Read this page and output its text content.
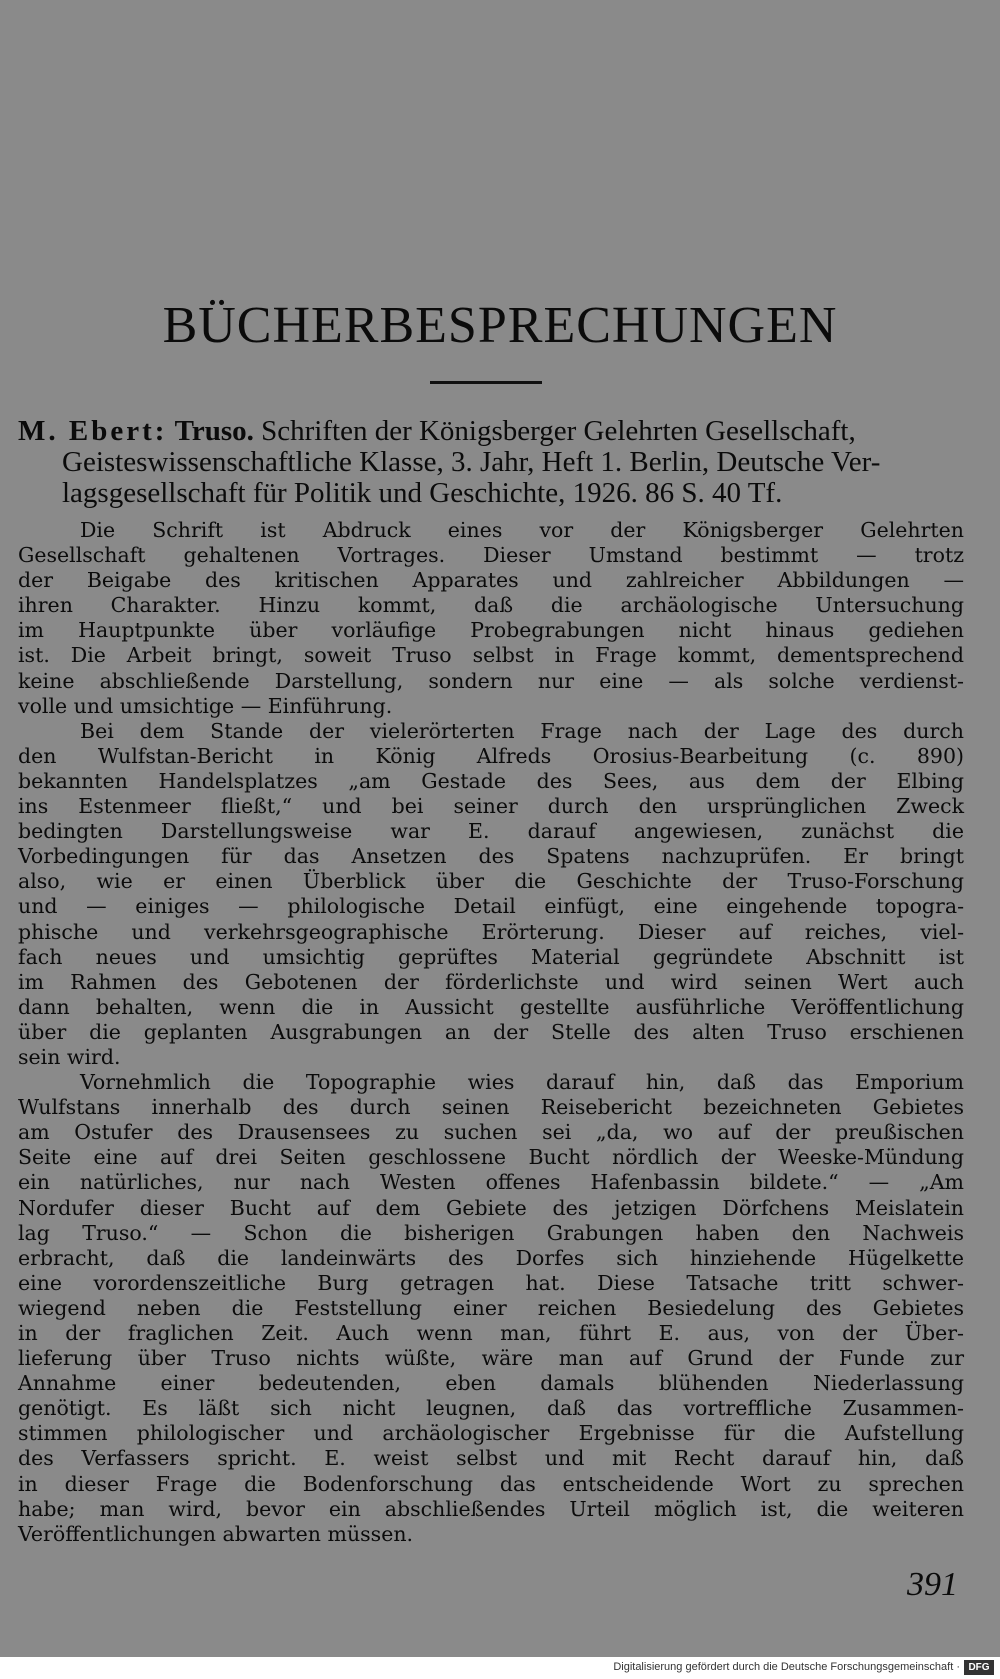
BÜCHERBESPRECHUNGEN
M. Ebert: Truso. Schriften der Königsberger Gelehrten Gesellschaft,
Geisteswissenschaftliche Klasse, 3. Jahr, Heft 1. Berlin, Deutsche Ver-
lagsgesellschaft für Politik und Geschichte, 1926. 86 S. 40 Tf.
Die Schrift ist Abdruck eines vor der Königsberger Gelehrten
Gesellschaft gehaltenen Vortrages. Dieser Umstand bestimmt — trotz
der Beigabe des kritischen Apparates und zahlreicher Abbildungen —
ihren Charakter. Hinzu kommt, daß die archäologische Untersuchung
im Hauptpunkte über vorläufige Probegrabungen nicht hinaus gediehen
ist. Die Arbeit bringt, soweit Truso selbst in Frage kommt, dementsprechend
keine abschließende Darstellung, sondern nur eine — als solche verdienst-
volle und umsichtige — Einführung.
Bei dem Stande der vielerörterten Frage nach der Lage des durch
den Wulfstan-Bericht in König Alfreds Orosius-Bearbeitung (c. 890)
bekannten Handelsplatzes „am Gestade des Sees, aus dem der Elbing
ins Estenmeer fließt,“ und bei seiner durch den ursprünglichen Zweck
bedingten Darstellungsweise war E. darauf angewiesen, zunächst die
Vorbedingungen für das Ansetzen des Spatens nachzuprüfen. Er bringt
also, wie er einen Überblick über die Geschichte der Truso-Forschung
und — einiges — philologische Detail einfügt, eine eingehende topogra-
phische und verkehrsgeographische Erörterung. Dieser auf reiches, viel-
fach neues und umsichtig geprüftes Material gegründete Abschnitt ist
im Rahmen des Gebotenen der förderlichste und wird seinen Wert auch
dann behalten, wenn die in Aussicht gestellte ausführliche Veröffentlichung
über die geplanten Ausgrabungen an der Stelle des alten Truso erschienen
sein wird.
Vornehmlich die Topographie wies darauf hin, daß das Emporium
Wulfstans innerhalb des durch seinen Reisebericht bezeichneten Gebietes
am Ostufer des Drausensees zu suchen sei „da, wo auf der preußischen
Seite eine auf drei Seiten geschlossene Bucht nördlich der Weeske-Mündung
ein natürliches, nur nach Westen offenes Hafenbassin bildete.“ — „Am
Nordufer dieser Bucht auf dem Gebiete des jetzigen Dörfchens Meislatein
lag Truso.“ — Schon die bisherigen Grabungen haben den Nachweis
erbracht, daß die landeinwärts des Dorfes sich hinziehende Hügelkette
eine vorordenszeitliche Burg getragen hat. Diese Tatsache tritt schwer-
wiegend neben die Feststellung einer reichen Besiedelung des Gebietes
in der fraglichen Zeit. Auch wenn man, führt E. aus, von der Über-
lieferung über Truso nichts wüßte, wäre man auf Grund der Funde zur
Annahme einer bedeutenden, eben damals blühenden Niederlassung
genötigt. Es läßt sich nicht leugnen, daß das vortreffliche Zusammen-
stimmen philologischer und archäologischer Ergebnisse für die Aufstellung
des Verfassers spricht. E. weist selbst und mit Recht darauf hin, daß
in dieser Frage die Bodenforschung das entscheidende Wort zu sprechen
habe; man wird, bevor ein abschließendes Urteil möglich ist, die weiteren
Veröffentlichungen abwarten müssen.
391
Digitalisierung gefördert durch die Deutsche Forschungsgemeinschaft · DFG
